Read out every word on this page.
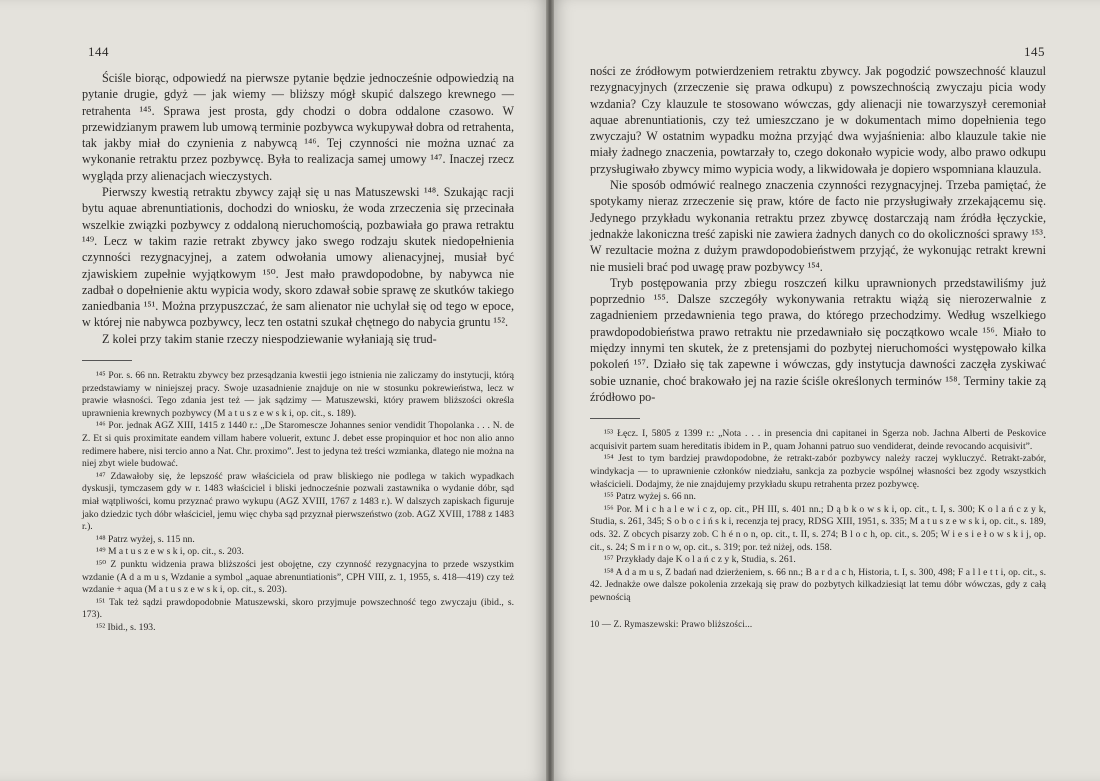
144

Ściśle biorąc, odpowiedź na pierwsze pytanie będzie jednocześnie odpowiedzią na pytanie drugie, gdyż — jak wiemy — bliższy mógł skupić dalszego krewnego — retrahenta ¹⁴⁵. Sprawa jest prosta, gdy chodzi o dobra oddalone czasowo. W przewidzianym prawem lub umową terminie pozbywca wykupywał dobra od retrahenta, tak jakby miał do czynienia z nabywcą ¹⁴⁶. Tej czynności nie można uznać za wykonanie retraktu przez pozbywcę. Była to realizacja samej umowy ¹⁴⁷. Inaczej rzecz wygląda przy alienacjach wieczystych.

Pierwszy kwestią retraktu zbywcy zajął się u nas Matuszewski ¹⁴⁸. Szukając racji bytu aquae abrenuntiationis, dochodzi do wniosku, że woda zrzeczenia się przecinała wszelkie związki pozbywcy z oddaloną nieruchomością, pozbawiała go prawa retraktu ¹⁴⁹. Lecz w takim razie retrakt zbywcy jako swego rodzaju skutek niedopełnienia czynności rezygnacyjnej, a zatem odwołania umowy alienacyjnej, musiał być zjawiskiem zupełnie wyjątkowym ¹⁵⁰. Jest mało prawdopodobne, by nabywca nie zadbał o dopełnienie aktu wypicia wody, skoro zdawał sobie sprawę ze skutków takiego zaniedbania ¹⁵¹. Można przypuszczać, że sam alienator nie uchylał się od tego w epoce, w której nie nabywca pozbywcy, lecz ten ostatni szukał chętnego do nabycia gruntu ¹⁵².

Z kolei przy takim stanie rzeczy niespodziewanie wyłaniają się trud-

¹⁴⁵ Por. s. 66 nn. Retraktu zbywcy bez przesądzania kwestii jego istnienia nie zaliczamy do instytucji, którą przedstawiamy w niniejszej pracy. Swoje uzasadnienie znajduje on nie w stosunku pokrewieństwa, lecz w prawie własności. Tego zdania jest też — jak sądzimy — Matuszewski, który prawem bliższości określa uprawnienia krewnych pozbywcy (M a t u s z e w s k i, op. cit., s. 189).

¹⁴⁶ Por. jednak AGZ XIII, 1415 z 1440 r.: „De Staromescze Johannes senior vendidit Thopolanka . . . N. de Z. Et si quis proximitate eandem villam habere voluerit, extunc J. debet esse propinquior et hoc non alio anno redimere habere, nisi tercio anno a Nat. Chr. proximo”. Jest to jedyna też treści wzmianka, dlatego nie można na niej zbyt wiele budować.

¹⁴⁷ Zdawałoby się, że lepszość praw właściciela od praw bliskiego nie podlega w takich wypadkach dyskusji, tymczasem gdy w r. 1483 właściciel i bliski jednocześnie pozwali zastawnika o wydanie dóbr, sąd miał wątpliwości, komu przyznać prawo wykupu (AGZ XVIII, 1767 z 1483 r.). W dalszych zapiskach figuruje jako dziedzic tych dóbr właściciel, jemu więc chyba sąd przyznał pierwszeństwo (zob. AGZ XVIII, 1788 z 1483 r.).

¹⁴⁸ Patrz wyżej, s. 115 nn.

¹⁴⁹ M a t u s z e w s k i, op. cit., s. 203.

¹⁵⁰ Z punktu widzenia prawa bliższości jest obojętne, czy czynność rezygnacyjna to przede wszystkim wzdanie (A d a m u s, Wzdanie a symbol „aquae abrenuntiationis”, CPH VIII, z. 1, 1955, s. 418—419) czy też wzdanie + aqua (M a t u s z e w s k i, op. cit., s. 203).

¹⁵¹ Tak też sądzi prawdopodobnie Matuszewski, skoro przyjmuje powszechność tego zwyczaju (ibid., s. 173).

¹⁵² Ibid., s. 193.

145

ności ze źródłowym potwierdzeniem retraktu zbywcy. Jak pogodzić powszechność klauzul rezygnacyjnych (zrzeczenie się prawa odkupu) z powszechnością zwyczaju picia wody wzdania? Czy klauzule te stosowano wówczas, gdy alienacji nie towarzyszył ceremoniał aquae abrenuntiationis, czy też umieszczano je w dokumentach mimo dopełnienia tego zwyczaju? W ostatnim wypadku można przyjąć dwa wyjaśnienia: albo klauzule takie nie miały żadnego znaczenia, powtarzały to, czego dokonało wypicie wody, albo prawo odkupu przysługiwało zbywcy mimo wypicia wody, a likwidowała je dopiero wspomniana klauzula.

Nie sposób odmówić realnego znaczenia czynności rezygnacyjnej. Trzeba pamiętać, że spotykamy nieraz zrzeczenie się praw, które de facto nie przysługiwały zrzekającemu się. Jedynego przykładu wykonania retraktu przez zbywcę dostarczają nam źródła łęczyckie, jednakże lakoniczna treść zapiski nie zawiera żadnych danych co do okoliczności sprawy ¹⁵³. W rezultacie można z dużym prawdopodobieństwem przyjąć, że wykonując retrakt krewni nie musieli brać pod uwagę praw pozbywcy ¹⁵⁴.

Tryb postępowania przy zbiegu roszczeń kilku uprawnionych przedstawiliśmy już poprzednio ¹⁵⁵. Dalsze szczegóły wykonywania retraktu wiążą się nierozerwalnie z zagadnieniem przedawnienia tego prawa, do którego przechodzimy. Według wszelkiego prawdopodobieństwa prawo retraktu nie przedawniało się początkowo wcale ¹⁵⁶. Miało to między innymi ten skutek, że z pretensjami do pozbytej nieruchomości występowało kilka pokoleń ¹⁵⁷. Działo się tak zapewne i wówczas, gdy instytucja dawności zaczęła zyskiwać sobie uznanie, choć brakowało jej na razie ściśle określonych terminów ¹⁵⁸. Terminy takie zą źródłowo po-

¹⁵³ Łęcz. I, 5805 z 1399 r.: „Nota . . . in presencia dni capitanei in Sgerza nob. Jachna Alberti de Peskovice acquisivit partem suam hereditatis ibidem in P., quam Johanni patruo suo vendiderat, deinde revocando acquisivit”.

¹⁵⁴ Jest to tym bardziej prawdopodobne, że retrakt-zabór pozbywcy należy raczej wykluczyć. Retrakt-zabór, windykacja — to uprawnienie członków niedziału, sankcja za pozbycie wspólnej własności bez zgody wszystkich właścicieli. Dodajmy, że nie znajdujemy przykładu skupu retrahenta przez pozbywcę.

¹⁵⁵ Patrz wyżej s. 66 nn.

¹⁵⁶ Por. M i c h a l e w i c z, op. cit., PH III, s. 401 nn.; D ą b k o w s k i, op. cit., t. I, s. 300; K o l a ń c z y k, Studia, s. 261, 345; S o b o c i ń s k i, recenzja tej pracy, RDSG XIII, 1951, s. 335; M a t u s z e w s k i, op. cit., s. 189, ods. 32. Z obcych pisarzy zob. C h é n o n, op. cit., t. II, s. 274; B l o c h, op. cit., s. 205; W i e s i e ł o w s k i j, op. cit., s. 24; S m i r n o w, op. cit., s. 319; por. też niżej, ods. 158.

¹⁵⁷ Przykłady daje K o l a ń c z y k, Studia, s. 261.

¹⁵⁸ A d a m u s, Z badań nad dzierżeniem, s. 66 nn.; B a r d a c h, Historia, t. I, s. 300, 498; F a l l e t t i, op. cit., s. 42. Jednakże owe dalsze pokolenia zrzekają się praw do pozbytych kilkadziesiąt lat temu dóbr wówczas, gdy z całą pewnością

10 — Z. Rymaszewski: Prawo bliższości...
